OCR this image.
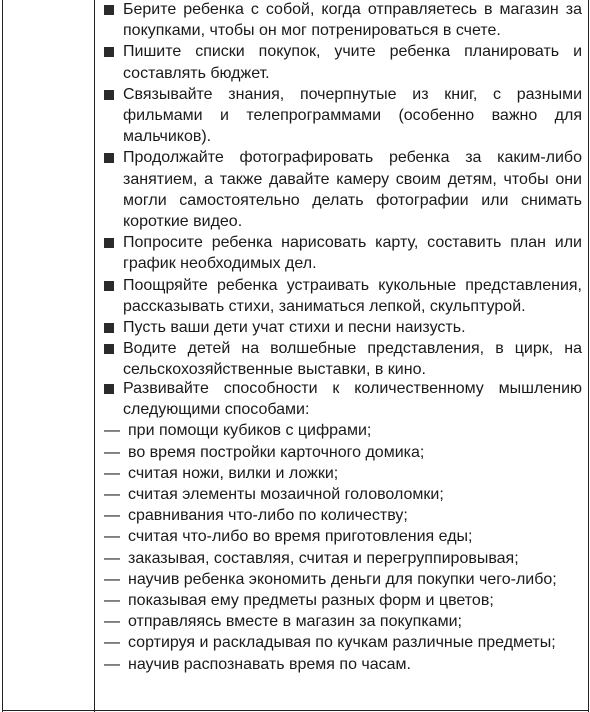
Берите ребенка с собой, когда отправляетесь в магазин за покупками, чтобы он мог потренироваться в счете.

Пишите списки покупок, учите ребенка планировать и составлять бюджет.

Связывайте знания, почерпнутые из книг, с разными фильмами и телепрограммами (особенно важно для мальчиков).

Продолжайте фотографировать ребенка за каким-либо занятием, а также давайте камеру своим детям, чтобы они могли самостоятельно делать фотографии или снимать короткие видео.

Попросите ребенка нарисовать карту, составить план или график необходимых дел.

Поощряйте ребенка устраивать кукольные представления, рассказывать стихи, заниматься лепкой, скульптурой.

Пусть ваши дети учат стихи и песни наизусть.

Водите детей на волшебные представления, в цирк, на сельскохозяйственные выставки, в кино.

Развивайте способности к количественному мышлению следующими способами:

— при помощи кубиков с цифрами;

— во время постройки карточного домика;

— считая ножи, вилки и ложки;

— считая элементы мозаичной головоломки;

— сравнивания что-либо по количеству;

— считая что-либо во время приготовления еды;

— заказывая, составляя, считая и перегруппировывая;

— научив ребенка экономить деньги для покупки чего-либо;

— показывая ему предметы разных форм и цветов;

— отправляясь вместе в магазин за покупками;

— сортируя и раскладывая по кучкам различные предметы;

— научив распознавать время по часам.
